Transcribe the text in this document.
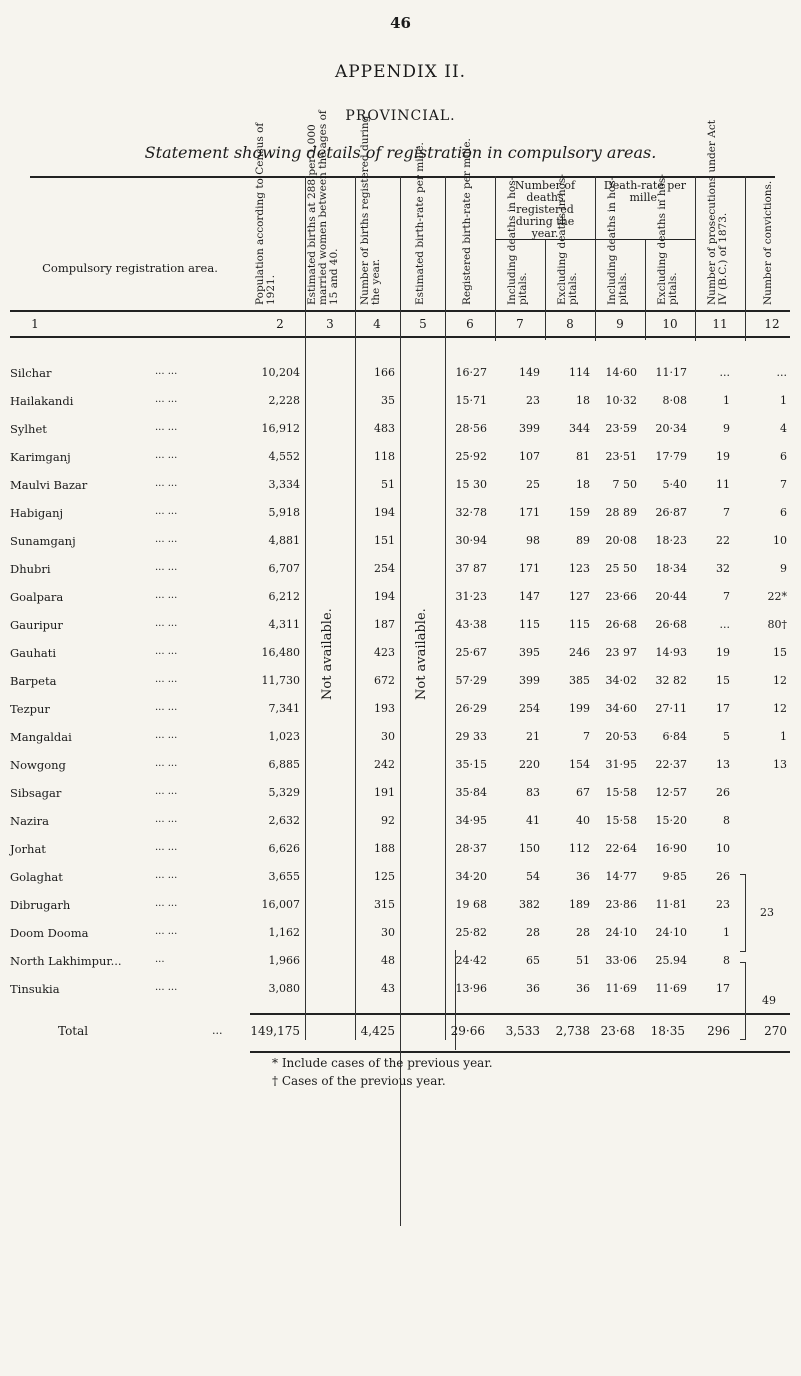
46
APPENDIX II.
PROVINCIAL.
Statement showing details of registration in compulsory areas.
Compulsory registration area.	Population according to Census of 1921.	Estimated births at 288 per 1,000 married women between the ages of 15 and 40. Number of births registered during the year.	Estimated birth-rate per mille.	Registered birth-rate per mille.	Number of
deaths registered
during the
year.
Including deaths in hos- pitals.	Excluding deaths in hos- pitals.
Death-rate per
mille.
Including deaths in hos- pitals.	Excluding deaths in hos- pitals.	Number of prosecutions under Act IV (B.C.) of 1873.	Number of convictions.
1	2	3	4	5	6	7	8	9	10	11	12
Not available.	Not available.
Silchar	... ...	10,204	166	16·27	149	114	14·60	11·17	...	...
Hailakandi	... ...	2,228	35	15·71	23	18	10·32	8·08	1	1
Sylhet	... ...	16,912	483	28·56	399	344	23·59	20·34	9	4
Karimganj	... ...	4,552	118	25·92	107	81	23·51	17·79	19	6
Maulvi Bazar	... ...	3,334	51	15 30	25	18	7 50	5·40	11	7
Habiganj	... ...	5,918	194	32·78	171	159	28 89	26·87	7	6
Sunamganj	... ...	4,881	151	30·94	98	89	20·08	18·23	22	10
Dhubri	... ...	6,707	254	37 87	171	123	25 50	18·34	32	9
Goalpara	... ...	6,212	194	31·23	147	127	23·66	20·44	7	22*
Gauripur	... ...	4,311	187	43·38	115	115	26·68	26·68	...	80†
Gauhati	... ...	16,480	423	25·67	395	246	23 97	14·93	19	15
Barpeta	... ...	11,730	672	57·29	399	385	34·02	32 82	15	12
Tezpur	... ...	7,341	193	26·29	254	199	34·60	27·11	17	12
Mangaldai	... ...	1,023	30	29 33	21	7	20·53	6·84	5	1
Nowgong	... ...	6,885	242	35·15	220	154	31·95	22·37	13	13
Sibsagar	... ...	5,329	191	35·84	83	67	15·58	12·57	26
Nazira	... ...	2,632	92	34·95	41	40	15·58	15·20	8
Jorhat	... ...	6,626	188	28·37	150	112	22·64	16·90	10
Golaghat	... ...	3,655	125	34·20	54	36	14·77	9·85	26
Dibrugarh	... ...	16,007	315	19 68	382	189	23·86	11·81	23
Doom Dooma	... ...	1,162	30	25·82	28	28	24·10	24·10	1
North Lakhimpur...	...	1,966	48	24·42	65	51	33·06	25.94	8
Tinsukia	... ...	3,080	43	13·96	36	36	11·69	11·69	17
23
49
Total	... 149,175	4,425	29·66	3,533	2,738 23·68	18·35	296	270
* Include cases of the previous year.
† Cases of the previous year.
